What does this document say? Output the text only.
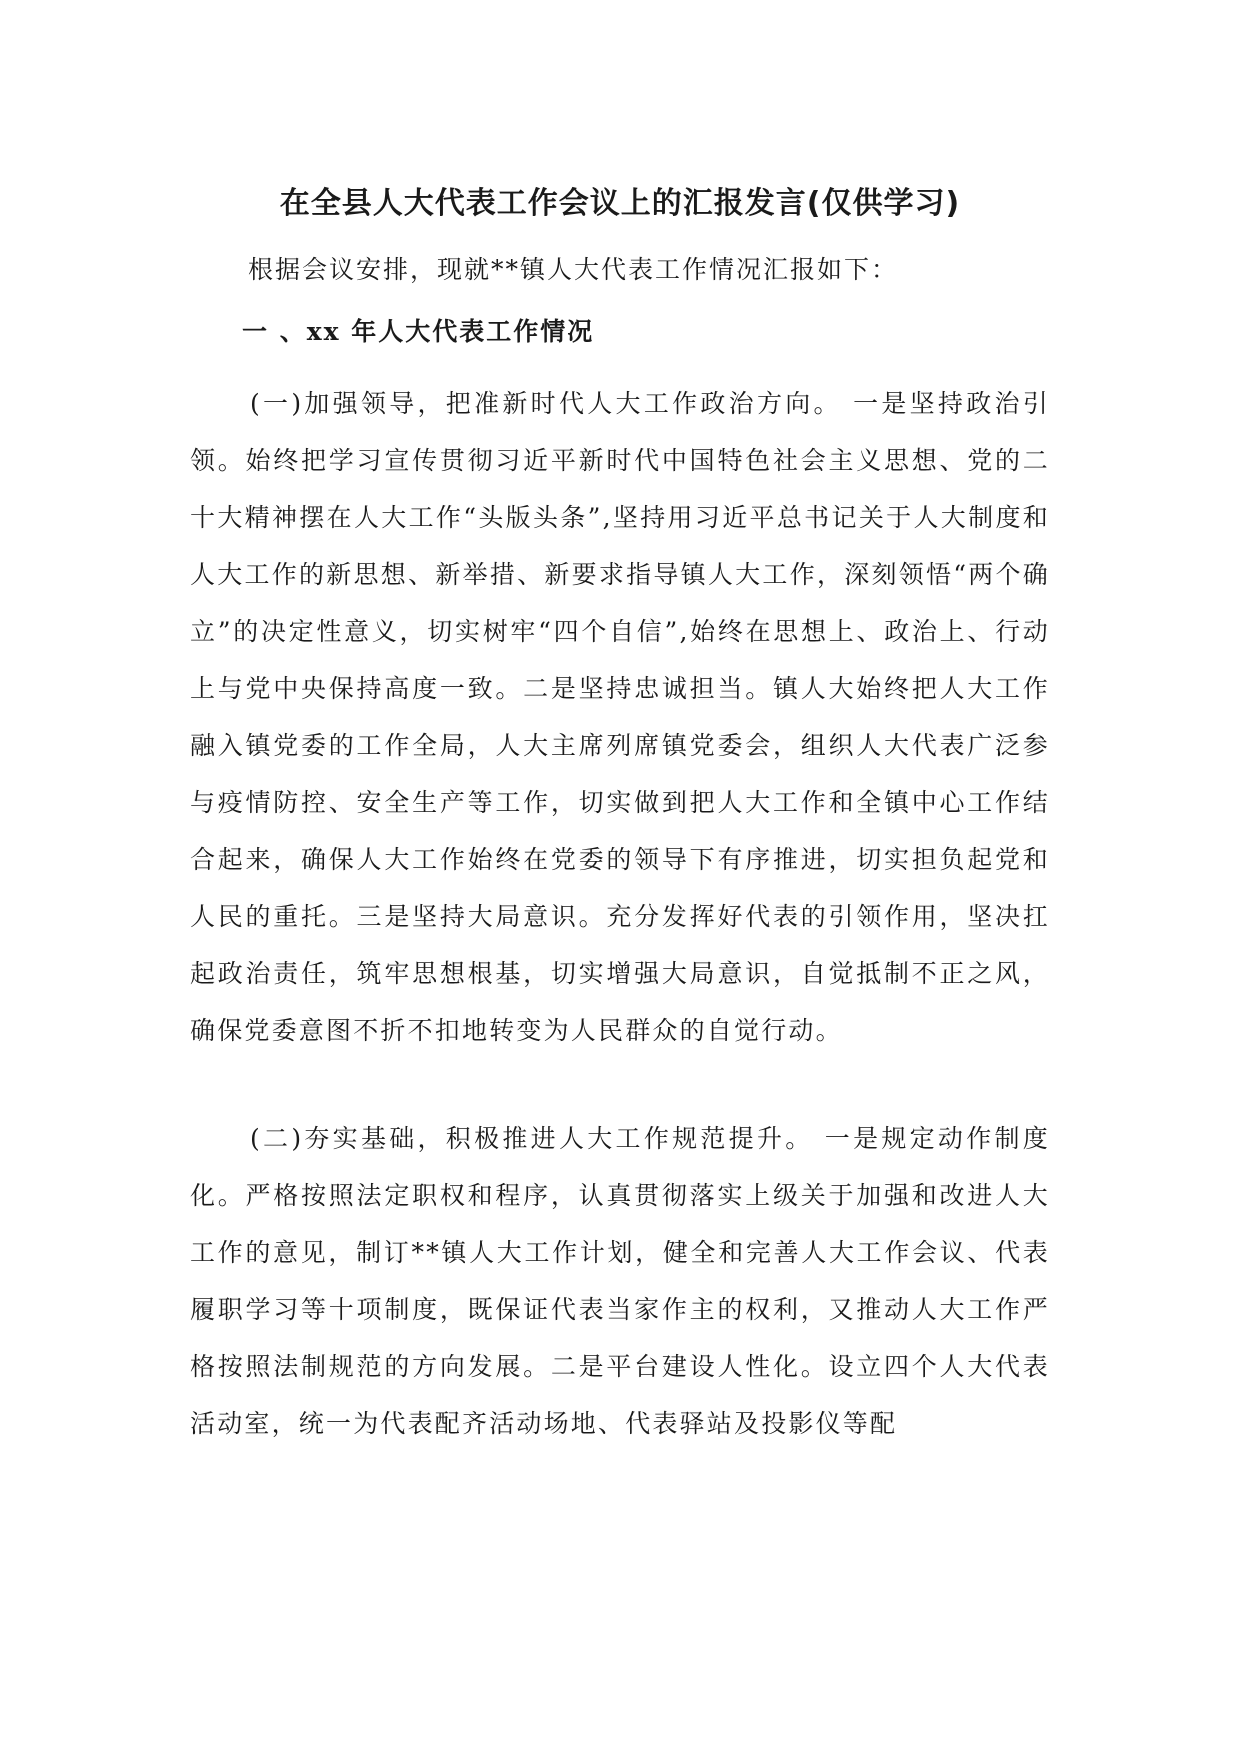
在全县人大代表工作会议上的汇报发言(仅供学习)
根据会议安排，现就**镇人大代表工作情况汇报如下：
一 、xx 年人大代表工作情况
(一)加强领导，把准新时代人大工作政治方向。 一是坚持政治引领。始终把学习宣传贯彻习近平新时代中国特色社会主义思想、党的二十大精神摆在人大工作“头版头条”,坚持用习近平总书记关于人大制度和人大工作的新思想、新举措、新要求指导镇人大工作，深刻领悟“两个确立”的决定性意义，切实树牢“四个自信”,始终在思想上、政治上、行动上与党中央保持高度一致。二是坚持忠诚担当。镇人大始终把人大工作融入镇党委的工作全局，人大主席列席镇党委会，组织人大代表广泛参与疫情防控、安全生产等工作，切实做到把人大工作和全镇中心工作结合起来，确保人大工作始终在党委的领导下有序推进，切实担负起党和人民的重托。三是坚持大局意识。充分发挥好代表的引领作用，坚决扛起政治责任，筑牢思想根基，切实增强大局意识，自觉抵制不正之风，确保党委意图不折不扣地转变为人民群众的自觉行动。
(二)夯实基础，积极推进人大工作规范提升。 一是规定动作制度化。严格按照法定职权和程序，认真贯彻落实上级关于加强和改进人大工作的意见，制订**镇人大工作计划，健全和完善人大工作会议、代表履职学习等十项制度，既保证代表当家作主的权利，又推动人大工作严格按照法制规范的方向发展。二是平台建设人性化。设立四个人大代表活动室，统一为代表配齐活动场地、代表驿站及投影仪等配
